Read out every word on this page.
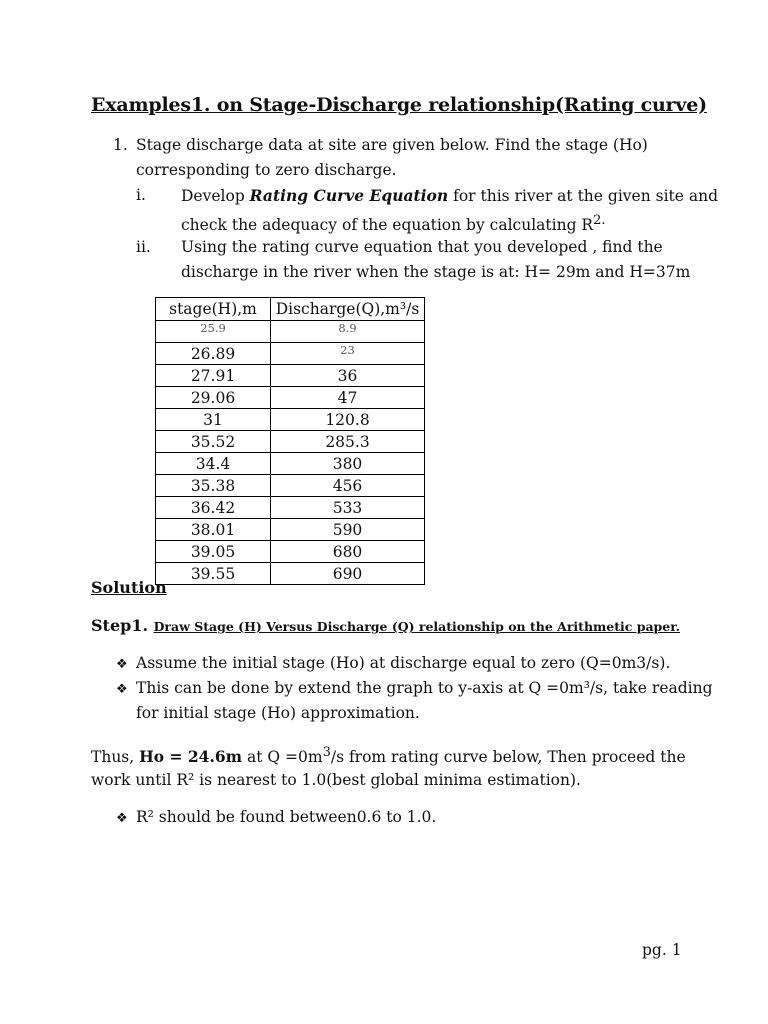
Examples1. on Stage-Discharge relationship(Rating curve)
1. Stage discharge data at site are given below. Find the stage (Ho)
corresponding to zero discharge.
i. Develop Rating Curve Equation for this river at the given site and
check the adequacy of the equation by calculating $R^{2.}$
ii. Using the rating curve equation that you developed , find the
discharge in the river when the stage is at: H= 29m and H=37m
stage(H),m	Discharge(Q),m³/s
25.9	8.9
26.89	23
27.91	36
29.06	47
31	120.8
35.52	285.3
34.4	380
35.38	456
36.42	533
38.01	590
39.05	680
39.55	690
Solution
Step1. Draw Stage (H) Versus Discharge (Q) relationship on the Arithmetic paper.
❖ Assume the initial stage (Ho) at discharge equal to zero (Q=0m3/s).
❖ This can be done by extend the graph to y-axis at Q =0m³/s, take reading
for initial stage (Ho) approximation.
Thus, Ho = 24.6m at $Q =0m^3/s$ from rating curve below, Then proceed the
work until R² is nearest to 1.0(best global minima estimation).
❖ R² should be found between0.6 to 1.0.
pg. 1
